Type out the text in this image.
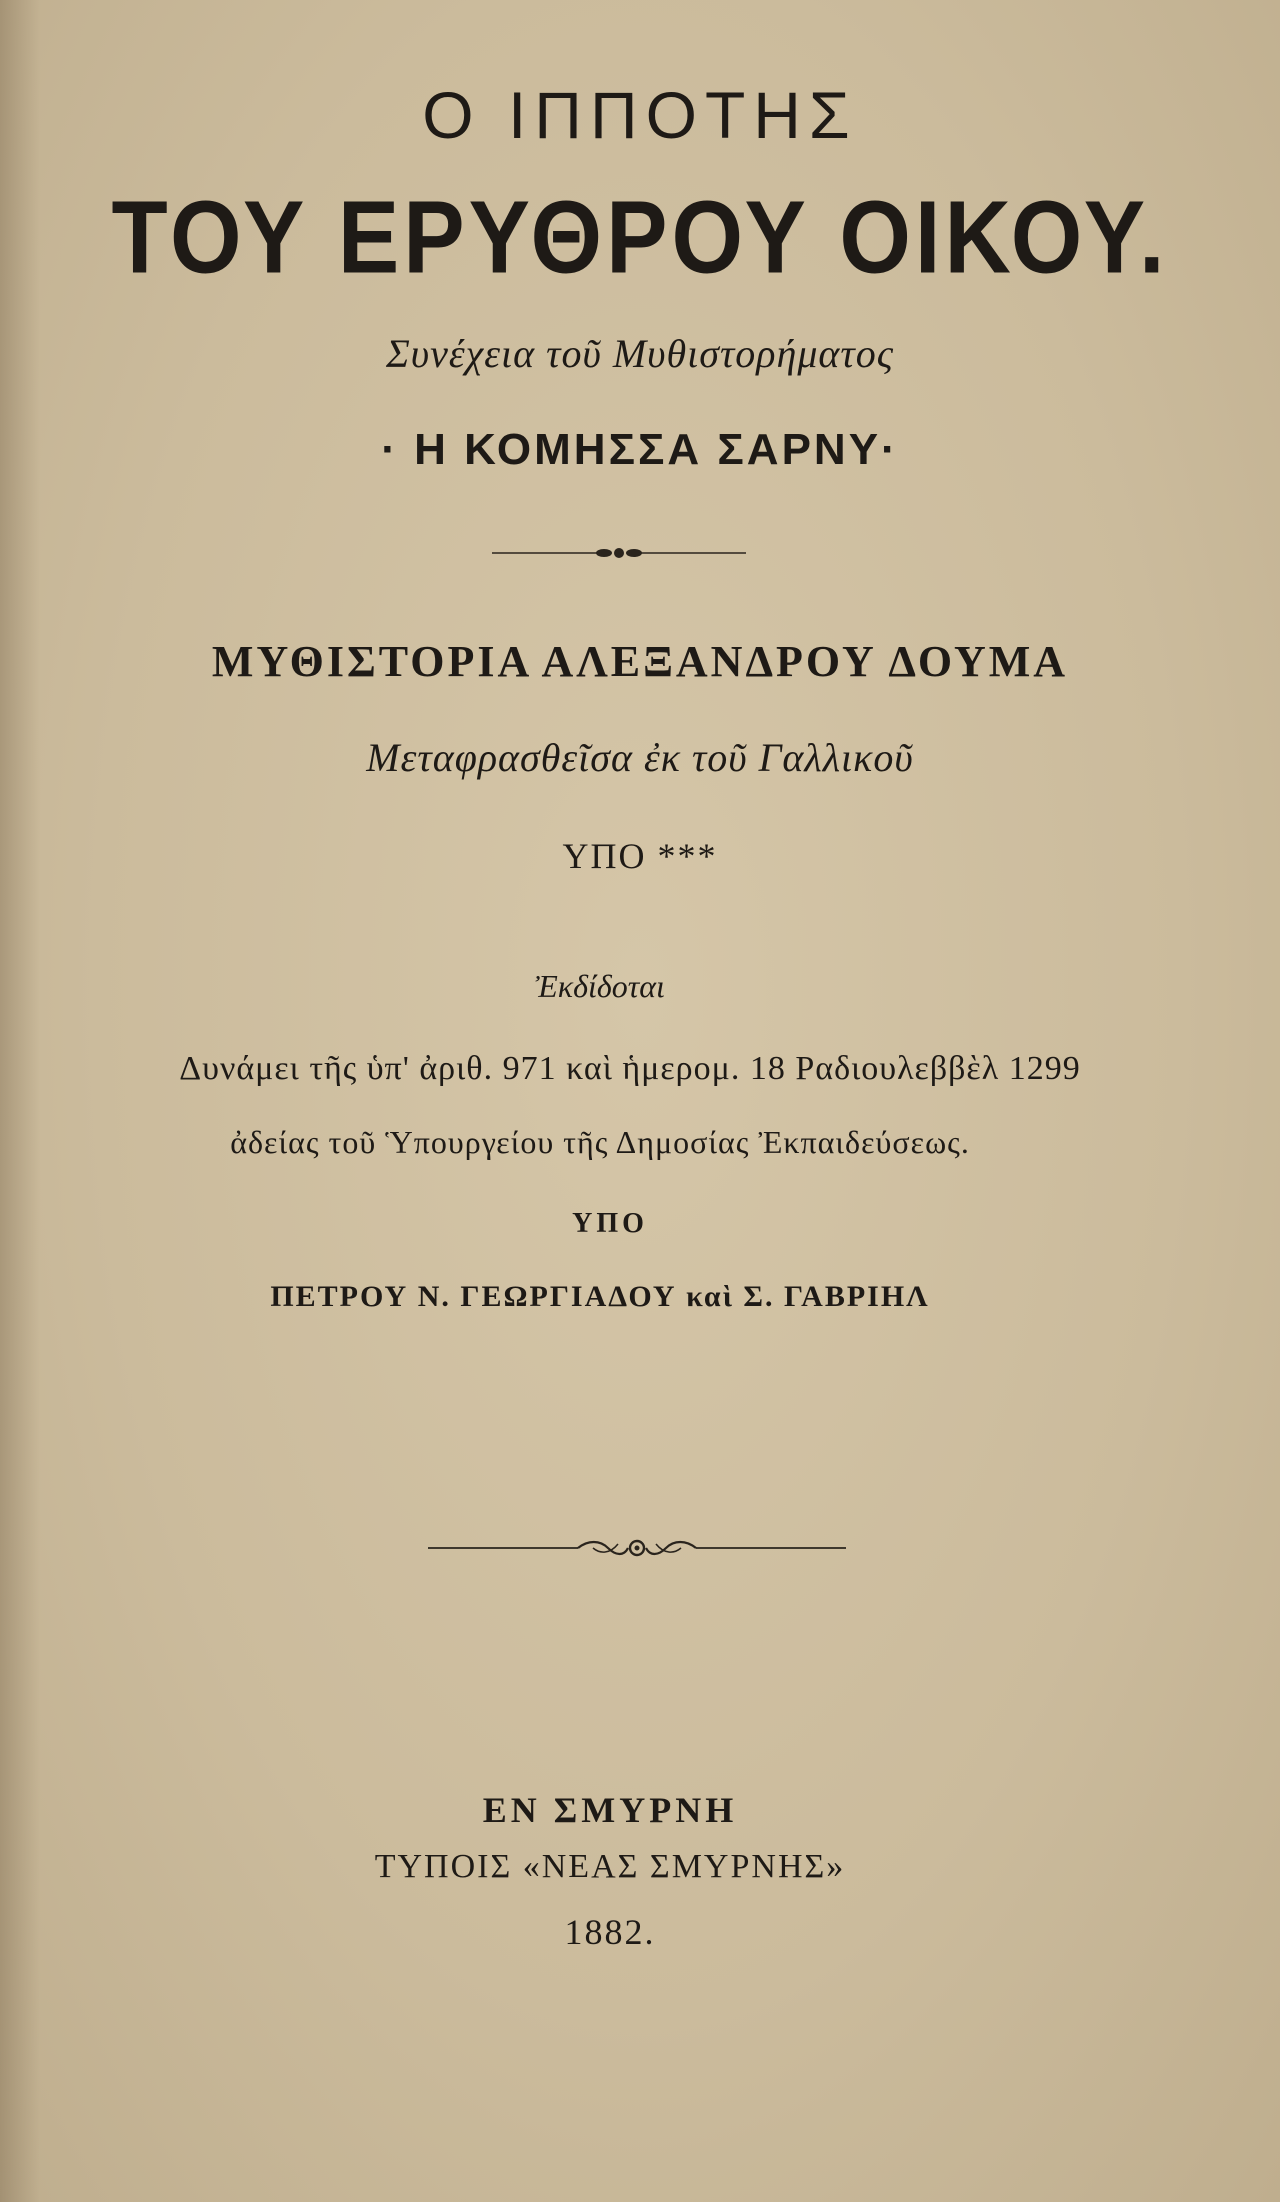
Ο ΙΠΠΟΤΗΣ
ΤΟΥ ΕΡΥΘΡΟΥ ΟΙΚΟΥ.
Συνέχεια τοῦ Μυθιστορήματος
· Η ΚΟΜΗΣΣΑ ΣΑΡΝΥ·
ΜΥΘΙΣΤΟΡΙΑ ΑΛΕΞΑΝΔΡΟΥ ΔΟΥΜΑ
Μεταφρασθεῖσα ἐκ τοῦ Γαλλικοῦ
ΥΠΟ ***
Ἐκδίδοται
Δυνάμει τῆς ὑπ' ἀριθ. 971 καὶ ἡμερομ. 18 Ραδιουλεββὲλ 1299
ἀδείας τοῦ Ὑπουργείου τῆς Δημοσίας Ἐκπαιδεύσεως.
ΥΠΟ
ΠΕΤΡΟΥ Ν. ΓΕΩΡΓΙΑΔΟΥ καὶ Σ. ΓΑΒΡΙΗΛ
ΕΝ ΣΜΥΡΝΗ
ΤΥΠΟΙΣ «ΝΕΑΣ ΣΜΥΡΝΗΣ»
1882.
